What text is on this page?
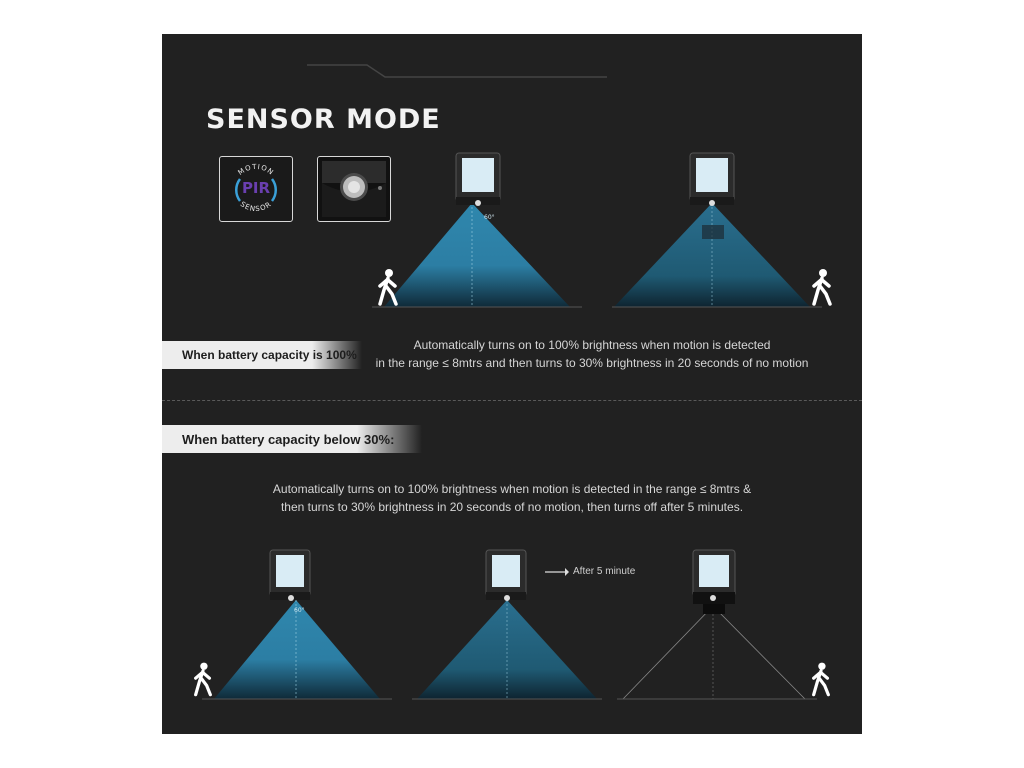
SENSOR MODE
MOTION
SENSOR
PIR
60°
When battery capacity is 100%
Automatically turns on to 100% brightness when motion is detected
in the range ≤ 8mtrs and then turns to 30% brightness in 20 seconds of no motion
When battery capacity below 30%:
Automatically turns on to 100% brightness when motion is detected in the range ≤ 8mtrs &
then turns to 30% brightness in 20 seconds of no motion, then turns off after 5 minutes.
60°
After 5 minute
